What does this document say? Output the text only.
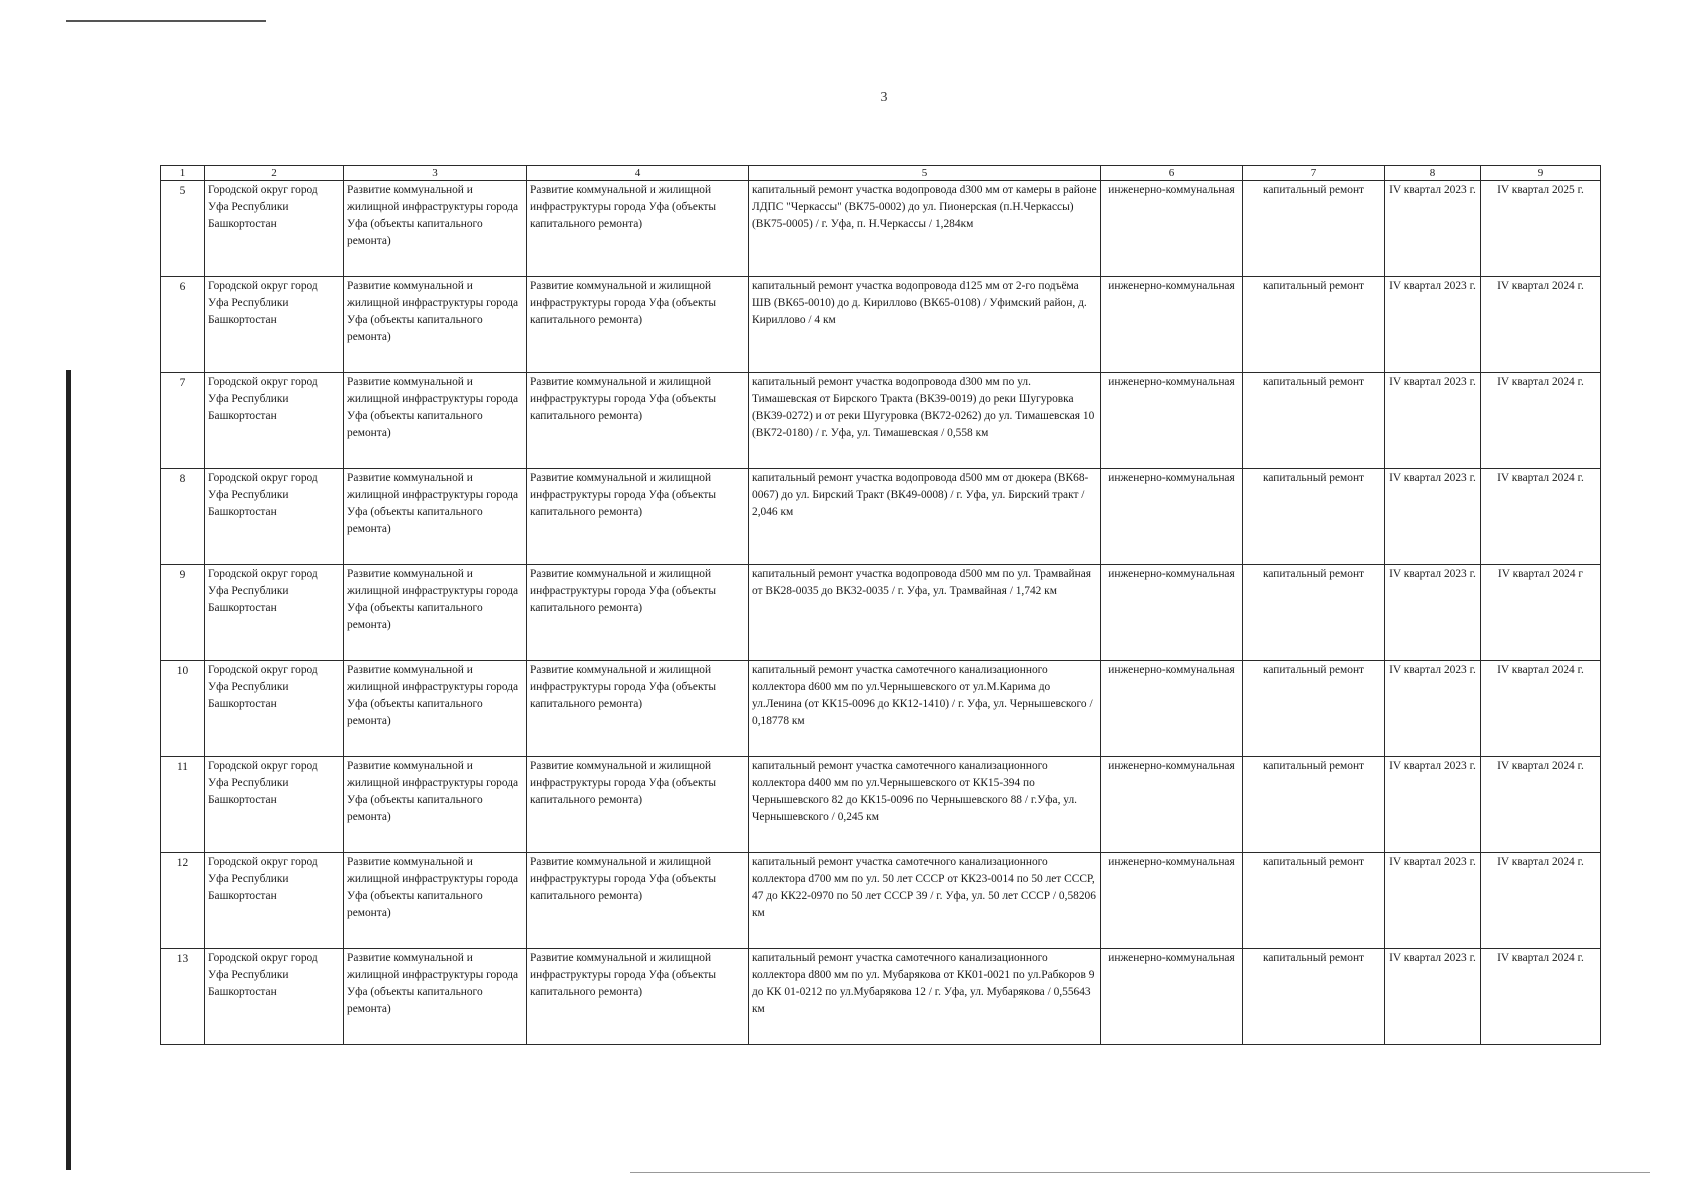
3
1	2	3	4	5	6	7	8	9
5	Городской округ город Уфа Республики Башкортостан	Развитие коммунальной и жилищной инфраструктуры города Уфа (объекты капитального ремонта)	Развитие коммунальной и жилищной инфраструктуры города Уфа (объекты капитального ремонта)	капитальный ремонт участка водопровода d300 мм от камеры в районе ЛДПС "Черкассы" (ВК75-0002) до ул. Пионерская (п.Н.Черкассы) (ВК75-0005) / г. Уфа, п. Н.Черкассы / 1,284км	инженерно-коммунальная	капитальный ремонт	IV квартал 2023 г.	IV квартал 2025 г.
6	Городской округ город Уфа Республики Башкортостан	Развитие коммунальной и жилищной инфраструктуры города Уфа (объекты капитального ремонта)	Развитие коммунальной и жилищной инфраструктуры города Уфа (объекты капитального ремонта)	капитальный ремонт участка водопровода d125 мм от 2-го подъёма ШВ (ВК65-0010) до д. Кириллово (ВК65-0108) / Уфимский район, д. Кириллово / 4 км	инженерно-коммунальная	капитальный ремонт	IV квартал 2023 г.	IV квартал 2024 г.
7	Городской округ город Уфа Республики Башкортостан	Развитие коммунальной и жилищной инфраструктуры города Уфа (объекты капитального ремонта)	Развитие коммунальной и жилищной инфраструктуры города Уфа (объекты капитального ремонта)	капитальный ремонт участка водопровода d300 мм по ул. Тимашевская от Бирского Тракта (ВК39-0019) до реки Шугуровка (ВК39-0272) и от реки Шугуровка (ВК72-0262) до ул. Тимашевская 10 (ВК72-0180) / г. Уфа, ул. Тимашевская / 0,558 км	инженерно-коммунальная	капитальный ремонт	IV квартал 2023 г.	IV квартал 2024 г.
8	Городской округ город Уфа Республики Башкортостан	Развитие коммунальной и жилищной инфраструктуры города Уфа (объекты капитального ремонта)	Развитие коммунальной и жилищной инфраструктуры города Уфа (объекты капитального ремонта)	капитальный ремонт участка водопровода d500 мм от дюкера (ВК68-0067) до ул. Бирский Тракт (ВК49-0008) / г. Уфа, ул. Бирский тракт / 2,046 км	инженерно-коммунальная	капитальный ремонт	IV квартал 2023 г.	IV квартал 2024 г.
9	Городской округ город Уфа Республики Башкортостан	Развитие коммунальной и жилищной инфраструктуры города Уфа (объекты капитального ремонта)	Развитие коммунальной и жилищной инфраструктуры города Уфа (объекты капитального ремонта)	капитальный ремонт участка водопровода d500 мм по ул. Трамвайная от ВК28-0035 до ВК32-0035 / г. Уфа, ул. Трамвайная / 1,742 км	инженерно-коммунальная	капитальный ремонт	IV квартал 2023 г.	IV квартал 2024 г
10	Городской округ город Уфа Республики Башкортостан	Развитие коммунальной и жилищной инфраструктуры города Уфа (объекты капитального ремонта)	Развитие коммунальной и жилищной инфраструктуры города Уфа (объекты капитального ремонта)	капитальный ремонт участка самотечного канализационного коллектора d600 мм по ул.Чернышевского от ул.М.Карима до ул.Ленина (от КК15-0096 до КК12-1410) / г. Уфа, ул. Чернышевского / 0,18778 км	инженерно-коммунальная	капитальный ремонт	IV квартал 2023 г.	IV квартал 2024 г.
11	Городской округ город Уфа Республики Башкортостан	Развитие коммунальной и жилищной инфраструктуры города Уфа (объекты капитального ремонта)	Развитие коммунальной и жилищной инфраструктуры города Уфа (объекты капитального ремонта)	капитальный ремонт участка самотечного канализационного коллектора d400 мм по ул.Чернышевского от КК15-394 по Чернышевского 82 до КК15-0096 по Чернышевского 88 / г.Уфа, ул. Чернышевского / 0,245 км	инженерно-коммунальная	капитальный ремонт	IV квартал 2023 г.	IV квартал 2024 г.
12	Городской округ город Уфа Республики Башкортостан	Развитие коммунальной и жилищной инфраструктуры города Уфа (объекты капитального ремонта)	Развитие коммунальной и жилищной инфраструктуры города Уфа (объекты капитального ремонта)	капитальный ремонт участка самотечного канализационного коллектора d700 мм по ул. 50 лет СССР от КК23-0014 по 50 лет СССР, 47 до КК22-0970 по 50 лет СССР 39 / г. Уфа, ул. 50 лет СССР / 0,58206 км	инженерно-коммунальная	капитальный ремонт	IV квартал 2023 г.	IV квартал 2024 г.
13	Городской округ город Уфа Республики Башкортостан	Развитие коммунальной и жилищной инфраструктуры города Уфа (объекты капитального ремонта)	Развитие коммунальной и жилищной инфраструктуры города Уфа (объекты капитального ремонта)	капитальный ремонт участка самотечного канализационного коллектора d800 мм по ул. Мубарякова от КК01-0021 по ул.Рабкоров 9 до КК 01-0212 по ул.Мубарякова 12 / г. Уфа, ул. Мубарякова / 0,55643 км	инженерно-коммунальная	капитальный ремонт	IV квартал 2023 г.	IV квартал 2024 г.
